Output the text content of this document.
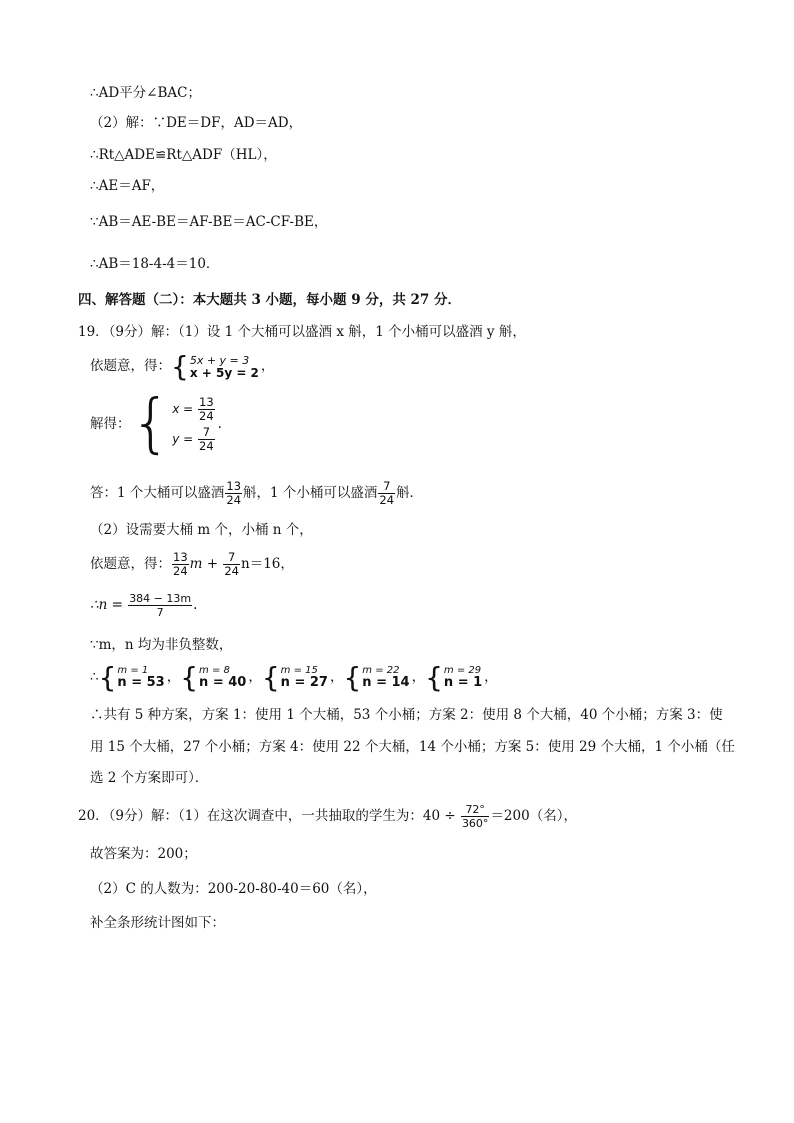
∴AD平分∠BAC；
（2）解：∵DE＝DF，AD＝AD，
∴Rt△ADE≌Rt△ADF（HL），
∴AE＝AF，
∵AB＝AE-BE＝AF-BE＝AC-CF-BE，
∴AB＝18-4-4＝10．
四、解答题（二）：本大题共 3 小题，每小题 9 分，共 27 分．
19．（9分）解：（1）设 1 个大桶可以盛酒 x 斛，1 个小桶可以盛酒 y 斛，
依题意，得： { 5x + y = 3
x + 5y = 2 ，
解得： { $x = \frac{13}{24}$
$y = \frac{7}{24}$
.
答：1 个大桶可以盛酒 $\frac{13}{24}$ 斛，1 个小桶可以盛酒 $\frac{7}{24}$ 斛．
（2）设需要大桶 m 个，小桶 n 个，
依题意，得： $\frac{13}{24}$ $m + \frac{7}{24} n=16$，
∴n = $\frac{384 - 13m}{7}$ .
∵m，n 均为非负整数，
∴ { m = 1
n = 53 ， { m = 8
n = 40 ， { m = 15
n = 27 ， { m = 22
n = 14 ， { m = 29
n = 1 ，
∴共有 5 种方案，方案 1：使用 1 个大桶，53 个小桶；方案 2：使用 8 个大桶，40 个小桶；方案 3：使
用 15 个大桶，27 个小桶；方案 4：使用 22 个大桶，14 个小桶；方案 5：使用 29 个大桶，1 个小桶（任
选 2 个方案即可）．
20．（9分）解：（1）在这次调查中，一共抽取的学生为：$40 \div \frac{72^\circ}{360^\circ} =200$（名），
故答案为：200；
（2）C 的人数为：200-20-80-40＝60（名），
补全条形统计图如下：
